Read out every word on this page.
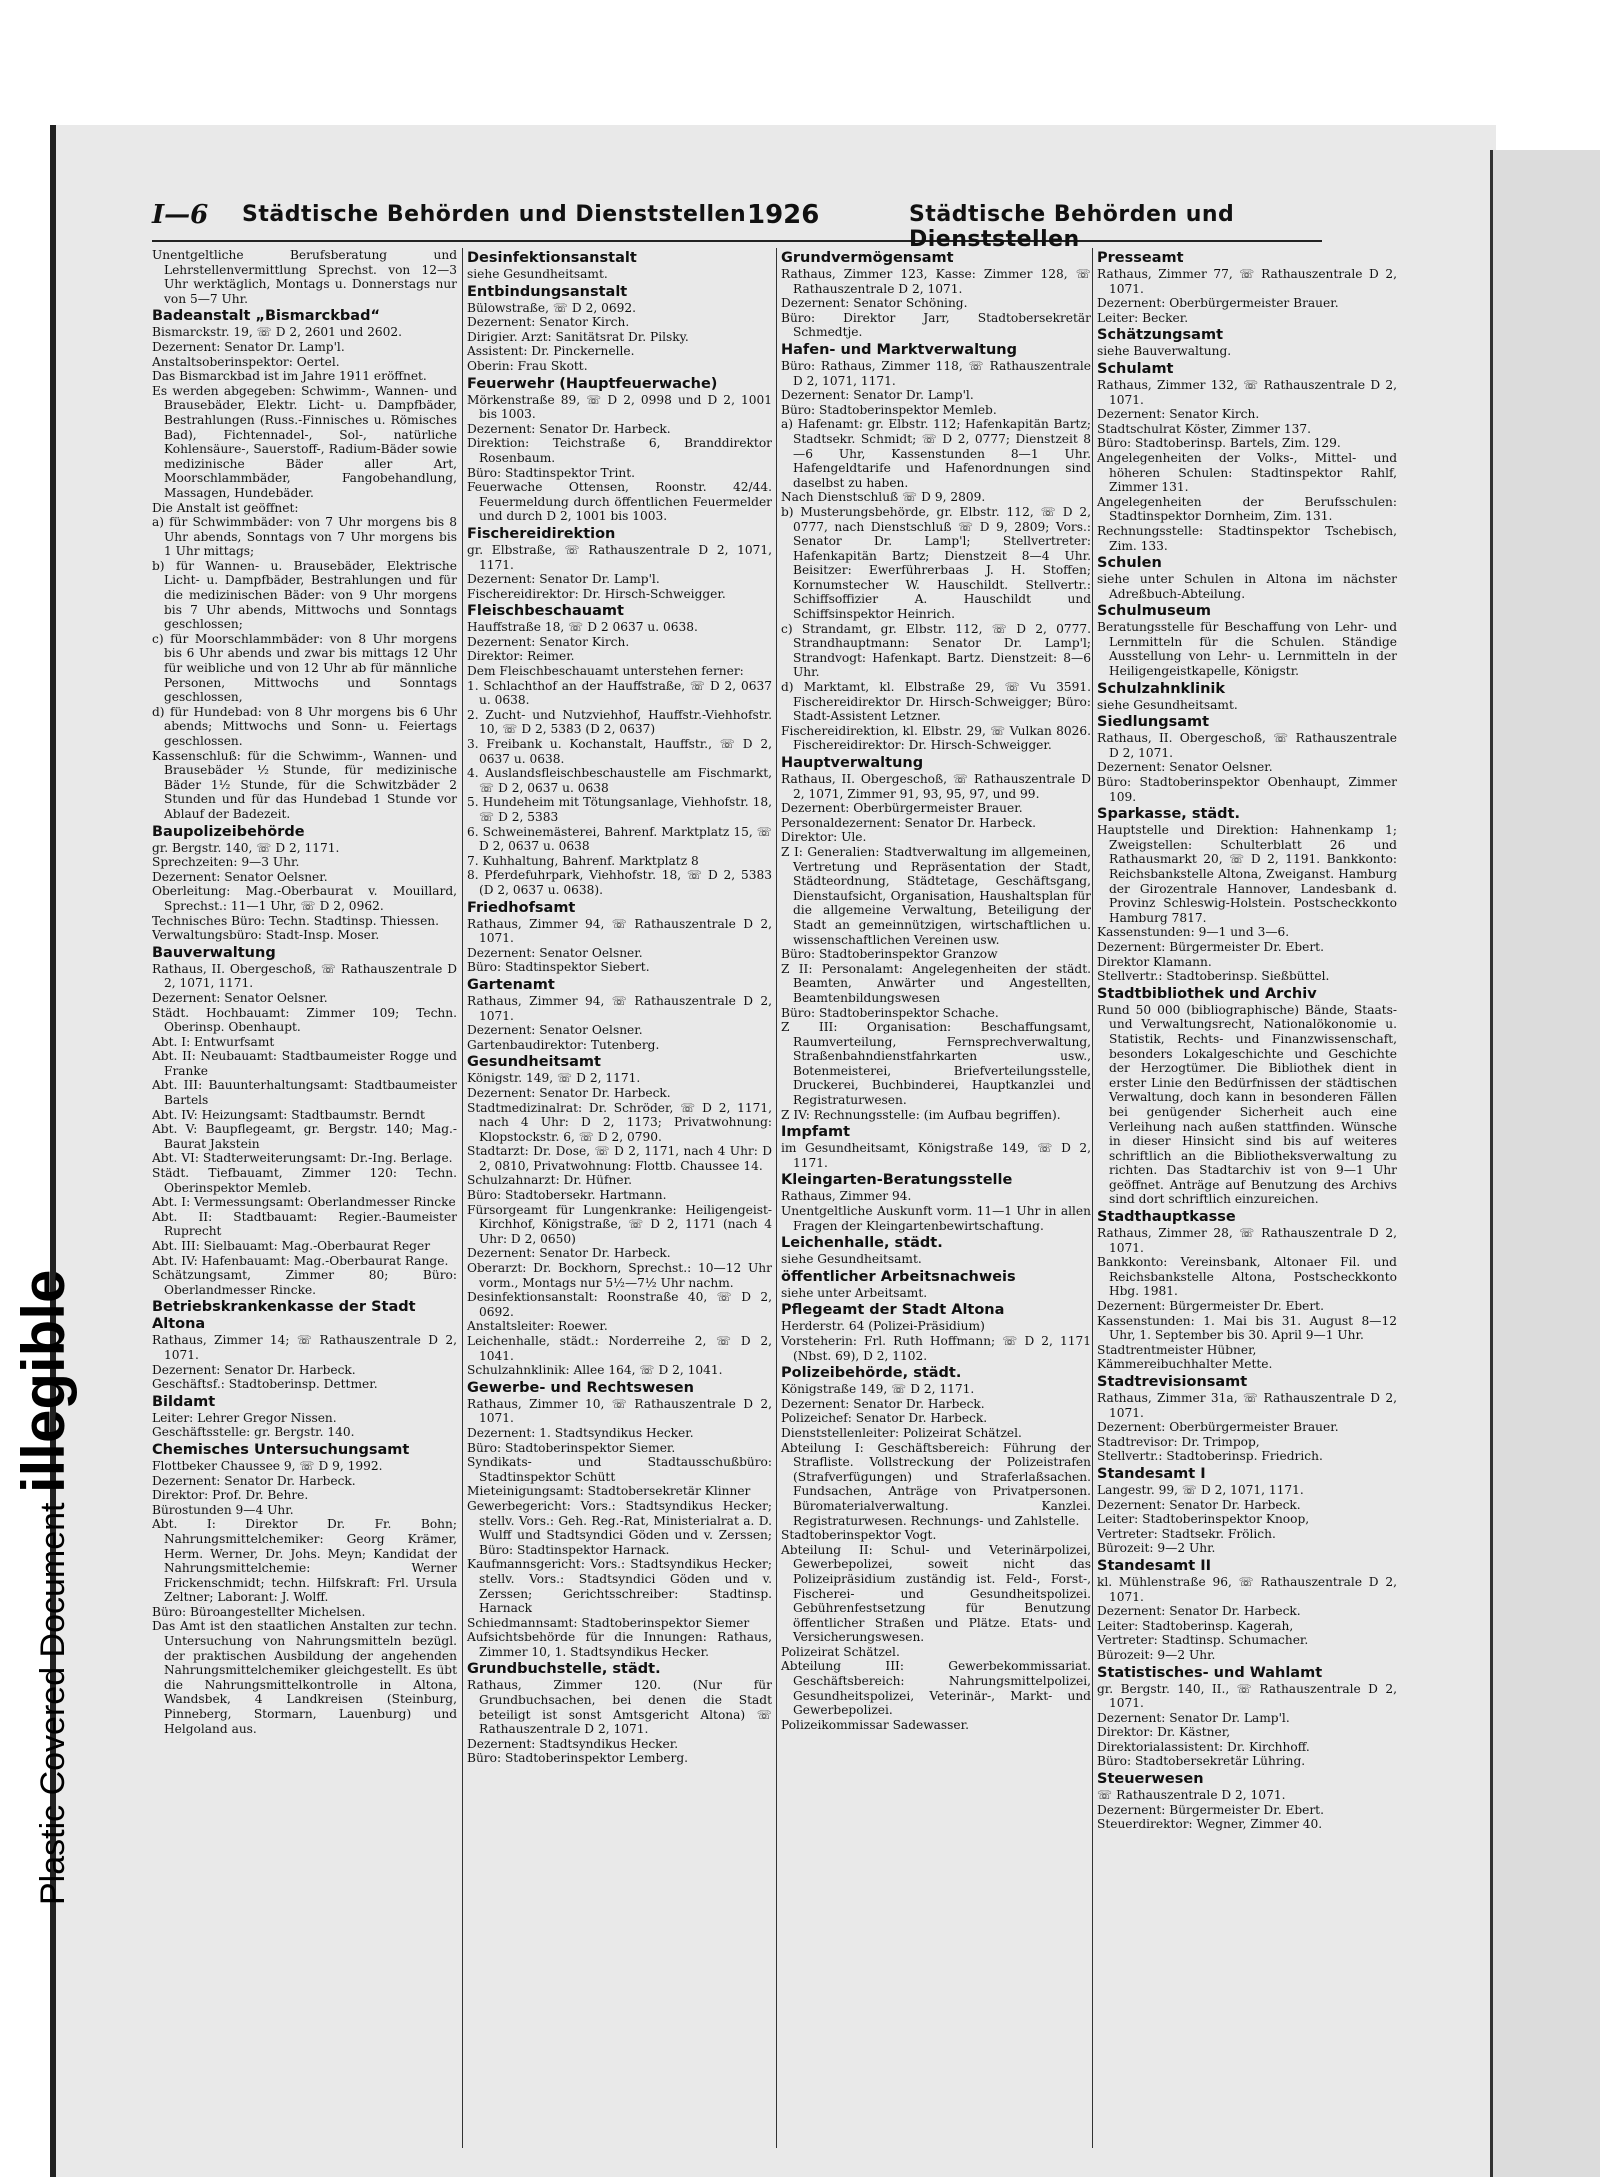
Plastic Covered Document illegible
I—6 Städtische Behörden und Dienststellen 1926	Städtische Behörden und Dienststellen

Unentgeltliche Berufsberatung und Lehrstellenvermittlung Sprechst. von 12—3 Uhr werktäglich, Montags u. Donnerstags nur von 5—7 Uhr.

Badeanstalt „Bismarckbad“

Bismarckstr. 19, ☏ D 2, 2601 und 2602.

Dezernent: Senator Dr. Lamp'l.

Anstaltsoberinspektor: Oertel.

Das Bismarckbad ist im Jahre 1911 eröffnet.

Es werden abgegeben: Schwimm-, Wannen- und Brausebäder, Elektr. Licht- u. Dampfbäder, Bestrahlungen (Russ.-Finnisches u. Römisches Bad), Fichtennadel-, Sol-, natürliche Kohlensäure-, Sauerstoff-, Radium-Bäder sowie medizinische Bäder aller Art, Moorschlammbäder, Fangobehandlung, Massagen, Hundebäder.

Die Anstalt ist geöffnet:

a) für Schwimmbäder: von 7 Uhr morgens bis 8 Uhr abends, Sonntags von 7 Uhr morgens bis 1 Uhr mittags;

b) für Wannen- u. Brausebäder, Elektrische Licht- u. Dampfbäder, Bestrahlungen und für die medizinischen Bäder: von 9 Uhr morgens bis 7 Uhr abends, Mittwochs und Sonntags geschlossen;

c) für Moorschlammbäder: von 8 Uhr morgens bis 6 Uhr abends und zwar bis mittags 12 Uhr für weibliche und von 12 Uhr ab für männliche Personen, Mittwochs und Sonntags geschlossen,

d) für Hundebad: von 8 Uhr morgens bis 6 Uhr abends; Mittwochs und Sonn- u. Feiertags geschlossen.

Kassenschluß: für die Schwimm-, Wannen- und Brausebäder ½ Stunde, für medizinische Bäder 1½ Stunde, für die Schwitzbäder 2 Stunden und für das Hundebad 1 Stunde vor Ablauf der Badezeit.

Baupolizeibehörde

gr. Bergstr. 140, ☏ D 2, 1171.

Sprechzeiten: 9—3 Uhr.

Dezernent: Senator Oelsner.

Oberleitung: Mag.-Oberbaurat v. Mouillard, Sprechst.: 11—1 Uhr, ☏ D 2, 0962.

Technisches Büro: Techn. Stadtinsp. Thiessen.

Verwaltungsbüro: Stadt-Insp. Moser.

Bauverwaltung

Rathaus, II. Obergeschoß, ☏ Rathauszentrale D 2, 1071, 1171.

Dezernent: Senator Oelsner.

Städt. Hochbauamt: Zimmer 109; Techn. Oberinsp. Obenhaupt.

Abt. I: Entwurfsamt

Abt. II: Neubauamt: Stadtbaumeister Rogge und Franke

Abt. III: Bauunterhaltungsamt: Stadtbaumeister Bartels

Abt. IV: Heizungsamt: Stadtbaumstr. Berndt

Abt. V: Baupflegeamt, gr. Bergstr. 140; Mag.-Baurat Jakstein

Abt. VI: Stadterweiterungsamt: Dr.-Ing. Berlage.

Städt. Tiefbauamt, Zimmer 120: Techn. Oberinspektor Memleb.

Abt. I: Vermessungsamt: Oberlandmesser Rincke

Abt. II: Stadtbauamt: Regier.-Baumeister Ruprecht

Abt. III: Sielbauamt: Mag.-Oberbaurat Reger

Abt. IV: Hafenbauamt: Mag.-Oberbaurat Range.

Schätzungsamt, Zimmer 80; Büro: Oberlandmesser Rincke.

Betriebskrankenkasse der Stadt Altona

Rathaus, Zimmer 14; ☏ Rathauszentrale D 2, 1071.

Dezernent: Senator Dr. Harbeck.

Geschäftsf.: Stadtoberinsp. Dettmer.

Bildamt

Leiter: Lehrer Gregor Nissen.

Geschäftsstelle: gr. Bergstr. 140.

Chemisches Untersuchungsamt

Flottbeker Chaussee 9, ☏ D 9, 1992.

Dezernent: Senator Dr. Harbeck.

Direktor: Prof. Dr. Behre.

Bürostunden 9—4 Uhr.

Abt. I: Direktor Dr. Fr. Bohn; Nahrungsmittelchemiker: Georg Krämer, Herm. Werner, Dr. Johs. Meyn; Kandidat der Nahrungsmittelchemie: Werner Frickenschmidt; techn. Hilfskraft: Frl. Ursula Zeltner; Laborant: J. Wolff.

Büro: Büroangestellter Michelsen.

Das Amt ist den staatlichen Anstalten zur techn. Untersuchung von Nahrungsmitteln bezügl. der praktischen Ausbildung der angehenden Nahrungsmittelchemiker gleichgestellt. Es übt die Nahrungsmittelkontrolle in Altona, Wandsbek, 4 Landkreisen (Steinburg, Pinneberg, Stormarn, Lauenburg) und Helgoland aus.

Desinfektionsanstalt

siehe Gesundheitsamt.

Entbindungsanstalt

Bülowstraße, ☏ D 2, 0692.

Dezernent: Senator Kirch.

Dirigier. Arzt: Sanitätsrat Dr. Pilsky.

Assistent: Dr. Pinckernelle.

Oberin: Frau Skott.

Feuerwehr (Hauptfeuerwache)

Mörkenstraße 89, ☏ D 2, 0998 und D 2, 1001 bis 1003.

Dezernent: Senator Dr. Harbeck.

Direktion: Teichstraße 6, Branddirektor Rosenbaum.

Büro: Stadtinspektor Trint.

Feuerwache Ottensen, Roonstr. 42/44. Feuermeldung durch öffentlichen Feuermelder und durch D 2, 1001 bis 1003.

Fischereidirektion

gr. Elbstraße, ☏ Rathauszentrale D 2, 1071, 1171.

Dezernent: Senator Dr. Lamp'l.

Fischereidirektor: Dr. Hirsch-Schweigger.

Fleischbeschauamt

Hauffstraße 18, ☏ D 2 0637 u. 0638.

Dezernent: Senator Kirch.

Direktor: Reimer.

Dem Fleischbeschauamt unterstehen ferner:

1. Schlachthof an der Hauffstraße, ☏ D 2, 0637 u. 0638.

2. Zucht- und Nutzviehhof, Hauffstr.-Viehhofstr. 10, ☏ D 2, 5383 (D 2, 0637)

3. Freibank u. Kochanstalt, Hauffstr., ☏ D 2, 0637 u. 0638.

4. Auslandsfleischbeschaustelle am Fischmarkt, ☏ D 2, 0637 u. 0638

5. Hundeheim mit Tötungsanlage, Viehhofstr. 18, ☏ D 2, 5383

6. Schweinemästerei, Bahrenf. Marktplatz 15, ☏ D 2, 0637 u. 0638

7. Kuhhaltung, Bahrenf. Marktplatz 8

8. Pferdefuhrpark, Viehhofstr. 18, ☏ D 2, 5383 (D 2, 0637 u. 0638).

Friedhofsamt

Rathaus, Zimmer 94, ☏ Rathauszentrale D 2, 1071.

Dezernent: Senator Oelsner.

Büro: Stadtinspektor Siebert.

Gartenamt

Rathaus, Zimmer 94, ☏ Rathauszentrale D 2, 1071.

Dezernent: Senator Oelsner.

Gartenbaudirektor: Tutenberg.

Gesundheitsamt

Königstr. 149, ☏ D 2, 1171.

Dezernent: Senator Dr. Harbeck.

Stadtmedizinalrat: Dr. Schröder, ☏ D 2, 1171, nach 4 Uhr: D 2, 1173; Privatwohnung: Klopstockstr. 6, ☏ D 2, 0790.

Stadtarzt: Dr. Dose, ☏ D 2, 1171, nach 4 Uhr: D 2, 0810, Privatwohnung: Flottb. Chaussee 14.

Schulzahnarzt: Dr. Hüfner.

Büro: Stadtobersekr. Hartmann.

Fürsorgeamt für Lungenkranke: Heiligengeist-Kirchhof, Königstraße, ☏ D 2, 1171 (nach 4 Uhr: D 2, 0650)

Dezernent: Senator Dr. Harbeck.

Oberarzt: Dr. Bockhorn, Sprechst.: 10—12 Uhr vorm., Montags nur 5½—7½ Uhr nachm.

Desinfektionsanstalt: Roonstraße 40, ☏ D 2, 0692.

Anstaltsleiter: Roewer.

Leichenhalle, städt.: Norderreihe 2, ☏ D 2, 1041.

Schulzahnklinik: Allee 164, ☏ D 2, 1041.

Gewerbe- und Rechtswesen

Rathaus, Zimmer 10, ☏ Rathauszentrale D 2, 1071.

Dezernent: 1. Stadtsyndikus Hecker.

Büro: Stadtoberinspektor Siemer.

Syndikats- und Stadtausschußbüro: Stadtinspektor Schütt

Mieteinigungsamt: Stadtobersekretär Klinner

Gewerbegericht: Vors.: Stadtsyndikus Hecker; stellv. Vors.: Geh. Reg.-Rat, Ministerialrat a. D. Wulff und Stadtsyndici Göden und v. Zerssen; Büro: Stadtinspektor Harnack.

Kaufmannsgericht: Vors.: Stadtsyndikus Hecker; stellv. Vors.: Stadtsyndici Göden und v. Zerssen; Gerichtsschreiber: Stadtinsp. Harnack

Schiedmannsamt: Stadtoberinspektor Siemer

Aufsichtsbehörde für die Innungen: Rathaus, Zimmer 10, 1. Stadtsyndikus Hecker.

Grundbuchstelle, städt.

Rathaus, Zimmer 120. (Nur für Grundbuchsachen, bei denen die Stadt beteiligt ist sonst Amtsgericht Altona) ☏ Rathauszentrale D 2, 1071.

Dezernent: Stadtsyndikus Hecker.

Büro: Stadtoberinspektor Lemberg.

Grundvermögensamt

Rathaus, Zimmer 123, Kasse: Zimmer 128, ☏ Rathauszentrale D 2, 1071.

Dezernent: Senator Schöning.

Büro: Direktor Jarr, Stadtobersekretär Schmedtje.

Hafen- und Marktverwaltung

Büro: Rathaus, Zimmer 118, ☏ Rathauszentrale D 2, 1071, 1171.

Dezernent: Senator Dr. Lamp'l.

Büro: Stadtoberinspektor Memleb.

a) Hafenamt: gr. Elbstr. 112; Hafenkapitän Bartz; Stadtsekr. Schmidt; ☏ D 2, 0777; Dienstzeit 8—6 Uhr, Kassenstunden 8—1 Uhr. Hafengeldtarife und Hafenordnungen sind daselbst zu haben.

Nach Dienstschluß ☏ D 9, 2809.

b) Musterungsbehörde, gr. Elbstr. 112, ☏ D 2, 0777, nach Dienstschluß ☏ D 9, 2809; Vors.: Senator Dr. Lamp'l; Stellvertreter: Hafenkapitän Bartz; Dienstzeit 8—4 Uhr. Beisitzer: Ewerführerbaas J. H. Stoffen; Kornumstecher W. Hauschildt. Stellvertr.: Schiffsoffizier A. Hauschildt und Schiffsinspektor Heinrich.

c) Strandamt, gr. Elbstr. 112, ☏ D 2, 0777. Strandhauptmann: Senator Dr. Lamp'l; Strandvogt: Hafenkapt. Bartz. Dienstzeit: 8—6 Uhr.

d) Marktamt, kl. Elbstraße 29, ☏ Vu 3591. Fischereidirektor Dr. Hirsch-Schweigger; Büro: Stadt-Assistent Letzner.

Fischereidirektion, kl. Elbstr. 29, ☏ Vulkan 8026. Fischereidirektor: Dr. Hirsch-Schweigger.

Hauptverwaltung

Rathaus, II. Obergeschoß, ☏ Rathauszentrale D 2, 1071, Zimmer 91, 93, 95, 97, und 99.

Dezernent: Oberbürgermeister Brauer.

Personaldezernent: Senator Dr. Harbeck.

Direktor: Ule.

Z I: Generalien: Stadtverwaltung im allgemeinen, Vertretung und Repräsentation der Stadt, Städteordnung, Städtetage, Geschäftsgang, Dienstaufsicht, Organisation, Haushaltsplan für die allgemeine Verwaltung, Beteiligung der Stadt an gemeinnützigen, wirtschaftlichen u. wissenschaftlichen Vereinen usw.

Büro: Stadtoberinspektor Granzow

Z II: Personalamt: Angelegenheiten der städt. Beamten, Anwärter und Angestellten, Beamtenbildungswesen

Büro: Stadtoberinspektor Schache.

Z III: Organisation: Beschaffungsamt, Raumverteilung, Fernsprechverwaltung, Straßenbahndienstfahrkarten usw., Botenmeisterei, Briefverteilungsstelle, Druckerei, Buchbinderei, Hauptkanzlei und Registraturwesen.

Z IV: Rechnungsstelle: (im Aufbau begriffen).

Impfamt

im Gesundheitsamt, Königstraße 149, ☏ D 2, 1171.

Kleingarten-Beratungsstelle

Rathaus, Zimmer 94.

Unentgeltliche Auskunft vorm. 11—1 Uhr in allen Fragen der Kleingartenbewirtschaftung.

Leichenhalle, städt.

siehe Gesundheitsamt.

öffentlicher Arbeitsnachweis

siehe unter Arbeitsamt.

Pflegeamt der Stadt Altona

Herderstr. 64 (Polizei-Präsidium)

Vorsteherin: Frl. Ruth Hoffmann; ☏ D 2, 1171 (Nbst. 69), D 2, 1102.

Polizeibehörde, städt.

Königstraße 149, ☏ D 2, 1171.

Dezernent: Senator Dr. Harbeck.

Polizeichef: Senator Dr. Harbeck.

Dienststellenleiter: Polizeirat Schätzel.

Abteilung I: Geschäftsbereich: Führung der Strafliste. Vollstreckung der Polizeistrafen (Strafverfügungen) und Straferlaßsachen. Fundsachen, Anträge von Privatpersonen. Büromaterialverwaltung. Kanzlei. Registraturwesen. Rechnungs- und Zahlstelle.

Stadtoberinspektor Vogt.

Abteilung II: Schul- und Veterinärpolizei, Gewerbepolizei, soweit nicht das Polizeipräsidium zuständig ist. Feld-, Forst-, Fischerei- und Gesundheitspolizei. Gebührenfestsetzung für Benutzung öffentlicher Straßen und Plätze. Etats- und Versicherungswesen.

Polizeirat Schätzel.

Abteilung III: Gewerbekommissariat. Geschäftsbereich: Nahrungsmittelpolizei, Gesundheitspolizei, Veterinär-, Markt- und Gewerbepolizei.

Polizeikommissar Sadewasser.

Presseamt

Rathaus, Zimmer 77, ☏ Rathauszentrale D 2, 1071.

Dezernent: Oberbürgermeister Brauer.

Leiter: Becker.

Schätzungsamt

siehe Bauverwaltung.

Schulamt

Rathaus, Zimmer 132, ☏ Rathauszentrale D 2, 1071.

Dezernent: Senator Kirch.

Stadtschulrat Köster, Zimmer 137.

Büro: Stadtoberinsp. Bartels, Zim. 129.

Angelegenheiten der Volks-, Mittel- und höheren Schulen: Stadtinspektor Rahlf, Zimmer 131.

Angelegenheiten der Berufsschulen: Stadtinspektor Dornheim, Zim. 131.

Rechnungsstelle: Stadtinspektor Tschebisch, Zim. 133.

Schulen

siehe unter Schulen in Altona im nächster Adreßbuch-Abteilung.

Schulmuseum

Beratungsstelle für Beschaffung von Lehr- und Lernmitteln für die Schulen. Ständige Ausstellung von Lehr- u. Lernmitteln in der Heiligengeistkapelle, Königstr.

Schulzahnklinik

siehe Gesundheitsamt.

Siedlungsamt

Rathaus, II. Obergeschoß, ☏ Rathauszentrale D 2, 1071.

Dezernent: Senator Oelsner.

Büro: Stadtoberinspektor Obenhaupt, Zimmer 109.

Sparkasse, städt.

Hauptstelle und Direktion: Hahnenkamp 1; Zweigstellen: Schulterblatt 26 und Rathausmarkt 20, ☏ D 2, 1191. Bankkonto: Reichsbankstelle Altona, Zweiganst. Hamburg der Girozentrale Hannover, Landesbank d. Provinz Schleswig-Holstein. Postscheckkonto Hamburg 7817.

Kassenstunden: 9—1 und 3—6.

Dezernent: Bürgermeister Dr. Ebert.

Direktor Klamann.

Stellvertr.: Stadtoberinsp. Sießbüttel.

Stadtbibliothek und Archiv

Rund 50 000 (bibliographische) Bände, Staats- und Verwaltungsrecht, Nationalökonomie u. Statistik, Rechts- und Finanzwissenschaft, besonders Lokalgeschichte und Geschichte der Herzogtümer. Die Bibliothek dient in erster Linie den Bedürfnissen der städtischen Verwaltung, doch kann in besonderen Fällen bei genügender Sicherheit auch eine Verleihung nach außen stattfinden. Wünsche in dieser Hinsicht sind bis auf weiteres schriftlich an die Bibliotheksverwaltung zu richten. Das Stadtarchiv ist von 9—1 Uhr geöffnet. Anträge auf Benutzung des Archivs sind dort schriftlich einzureichen.

Stadthauptkasse

Rathaus, Zimmer 28, ☏ Rathauszentrale D 2, 1071.

Bankkonto: Vereinsbank, Altonaer Fil. und Reichsbankstelle Altona, Postscheckkonto Hbg. 1981.

Dezernent: Bürgermeister Dr. Ebert.

Kassenstunden: 1. Mai bis 31. August 8—12 Uhr, 1. September bis 30. April 9—1 Uhr.

Stadtrentmeister Hübner,

Kämmereibuchhalter Mette.

Stadtrevisionsamt

Rathaus, Zimmer 31a, ☏ Rathauszentrale D 2, 1071.

Dezernent: Oberbürgermeister Brauer.

Stadtrevisor: Dr. Trimpop,

Stellvertr.: Stadtoberinsp. Friedrich.

Standesamt I

Langestr. 99, ☏ D 2, 1071, 1171.

Dezernent: Senator Dr. Harbeck.

Leiter: Stadtoberinspektor Knoop,

Vertreter: Stadtsekr. Frölich.

Bürozeit: 9—2 Uhr.

Standesamt II

kl. Mühlenstraße 96, ☏ Rathauszentrale D 2, 1071.

Dezernent: Senator Dr. Harbeck.

Leiter: Stadtoberinsp. Kagerah,

Vertreter: Stadtinsp. Schumacher.

Bürozeit: 9—2 Uhr.

Statistisches- und Wahlamt

gr. Bergstr. 140, II., ☏ Rathauszentrale D 2, 1071.

Dezernent: Senator Dr. Lamp'l.

Direktor: Dr. Kästner,

Direktorialassistent: Dr. Kirchhoff.

Büro: Stadtobersekretär Lühring.

Steuerwesen

☏ Rathauszentrale D 2, 1071.

Dezernent: Bürgermeister Dr. Ebert.

Steuerdirektor: Wegner, Zimmer 40.
